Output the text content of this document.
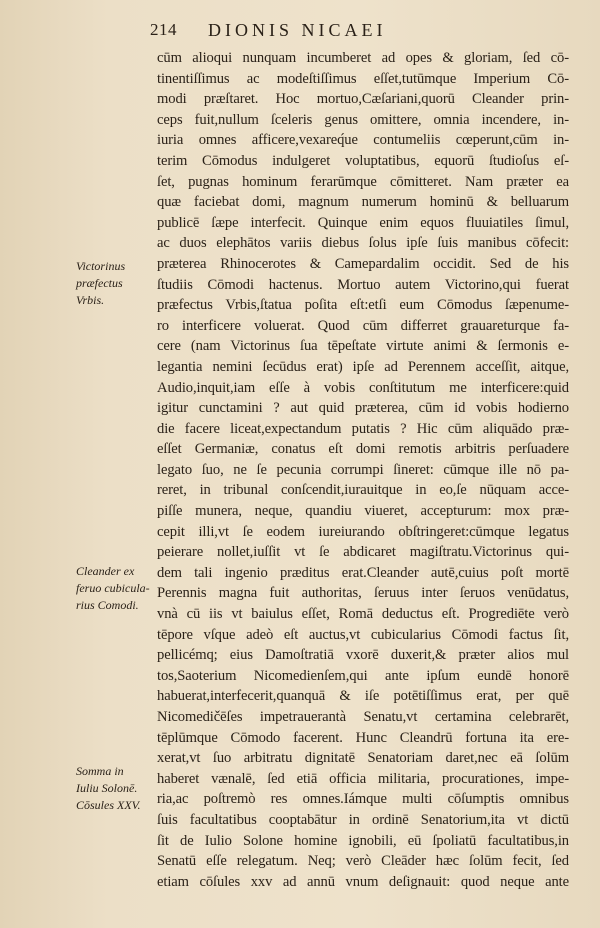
214 DIONIS NICAEI
Victorinus
præfectus
Vrbis.
Cleander ex
feruo cubicula-
rius Comodi.
Somma in
Iuliu Solonē.
Cōsules XXV.
cūm alioqui nunquam incumberet ad opes & gloriam, ſed cō-
tinentiſſimus ac modeſtiſſimus eſſet,tutūmque Imperium Cō-
modi præſtaret. Hoc mortuo,Cæſariani,quorū Cleander prin-
ceps fuit,nullum ſceleris genus omittere, omnia incendere, in-
iuria omnes afficere,vexareq́ue contumeliis cœperunt,cūm in-
terim Cōmodus indulgeret voluptatibus, equorū ſtudioſus eſ-
ſet, pugnas hominum ferarūmque cōmitteret. Nam præter ea
quæ faciebat domi, magnum numerum hominū & belluarum
publicē ſæpe interfecit. Quinque enim equos fluuiatiles ſimul,
ac duos elephātos variis diebus ſolus ipſe ſuis manibus cōfecit:
præterea Rhinocerotes & Camepardalim occidit. Sed de his
ſtudiis Cōmodi hactenus. Mortuo autem Victorino,qui fuerat
præfectus Vrbis,ſtatua poſita eſt:etſi eum Cōmodus ſæpenume-
ro interficere voluerat. Quod cūm differret grauareturque fa-
cere (nam Victorinus ſua tēpeſtate virtute animi & ſermonis e-
legantia nemini ſecūdus erat) ipſe ad Perennem acceſſit, aitque,
Audio,inquit,iam eſſe à vobis conſtitutum me interficere:quid
igitur cunctamini ? aut quid præterea, cūm id vobis hodierno
die facere liceat,expectandum putatis ? Hic cūm aliquādo præ-
eſſet Germaniæ, conatus eſt domi remotis arbitris perſuadere
legato ſuo, ne ſe pecunia corrumpi ſineret: cūmque ille nō pa-
reret, in tribunal conſcendit,iurauitque in eo,ſe nūquam acce-
piſſe munera, neque, quandiu viueret, accepturum: mox præ-
cepit illi,vt ſe eodem iureiurando obſtringeret:cūmque legatus
peierare nollet,iuſſit vt ſe abdicaret magiſtratu.Victorinus qui-
dem tali ingenio præditus erat.Cleander autē,cuius poſt mortē
Perennis magna fuit authoritas, ſeruus inter ſeruos venūdatus,
vnà cū iis vt baiulus eſſet, Romā deductus eſt. Progrediēte verò
tēpore vſque adeò eſt auctus,vt cubicularius Cōmodi factus ſit,
pellicémq; eius Damoſtratiā vxorē duxerit,& præter alios mul
tos,Saoterium Nicomedienſem,qui ante ipſum eundē honorē
habuerat,interfecerit,quanquā & iſe potētiſſimus erat, per quē
Nicomedičēſes impetrauerantà Senatu,vt certamina celebrarēt,
tēplūmque Cōmodo facerent. Hunc Cleandrū fortuna ita ere-
xerat,vt ſuo arbitratu dignitatē Senatoriam daret,nec eā ſolūm
haberet vænalē, ſed etiā officia militaria, procurationes, impe-
ria,ac poſtremò res omnes.Iámque multi cōſumptis omnibus
ſuis facultatibus cooptabātur in ordinē Senatorium,ita vt dictū
ſit de Iulio Solone homine ignobili, eū ſpoliatū facultatibus,in
Senatū eſſe relegatum. Neq; verò Cleāder hæc ſolūm fecit, ſed
etiam cōſules xxv ad annū vnum deſignauit: quod neque ante
